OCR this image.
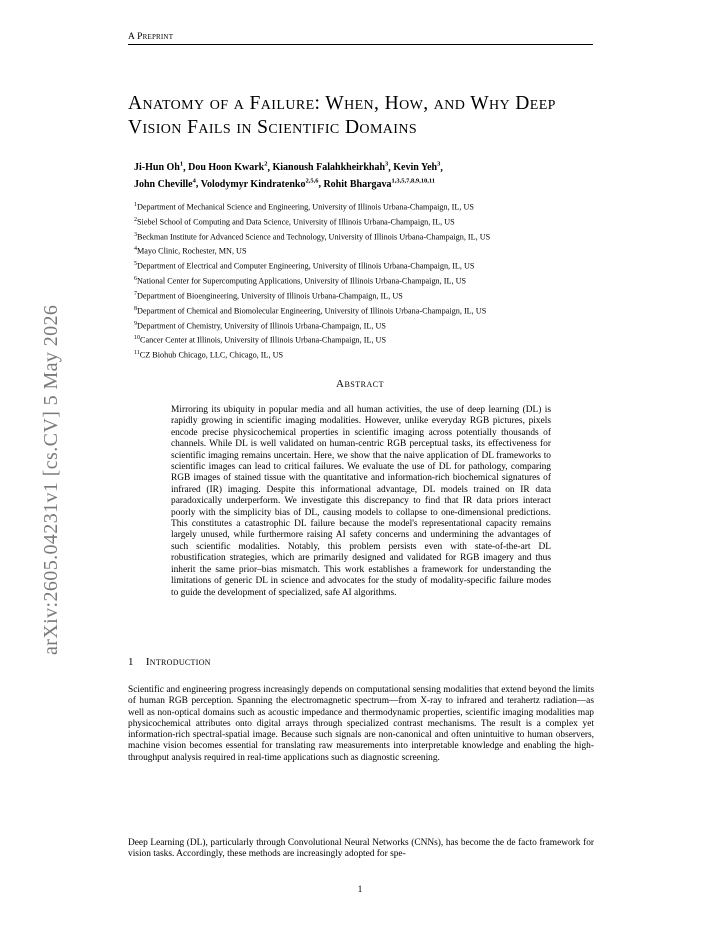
A Preprint
arXiv:2605.04231v1 [cs.CV] 5 May 2026
Anatomy of a Failure: When, How, and Why Deep Vision Fails in Scientific Domains
Ji-Hun Oh$^1$, Dou Hoon Kwark$^2$, Kianoush Falahkheirkhah$^3$, Kevin Yeh$^3$,
John Cheville$^4$, Volodymyr Kindratenko$^{2,5,6}$, Rohit Bhargava$^{1,3,5,7,8,9,10,11}$
$^1$Department of Mechanical Science and Engineering, University of Illinois Urbana-Champaign, IL, US
$^2$Siebel School of Computing and Data Science, University of Illinois Urbana-Champaign, IL, US
$^3$Beckman Institute for Advanced Science and Technology, University of Illinois Urbana-Champaign, IL, US
$^4$Mayo Clinic, Rochester, MN, US
$^5$Department of Electrical and Computer Engineering, University of Illinois Urbana-Champaign, IL, US
$^6$National Center for Supercomputing Applications, University of Illinois Urbana-Champaign, IL, US
$^7$Department of Bioengineering, University of Illinois Urbana-Champaign, IL, US
$^8$Department of Chemical and Biomolecular Engineering, University of Illinois Urbana-Champaign, IL, US
$^9$Department of Chemistry, University of Illinois Urbana-Champaign, IL, US
$^{10}$Cancer Center at Illinois, University of Illinois Urbana-Champaign, IL, US
$^{11}$CZ Biohub Chicago, LLC, Chicago, IL, US
Abstract
Mirroring its ubiquity in popular media and all human activities, the use of deep learning (DL) is rapidly growing in scientific imaging modalities. However, unlike everyday RGB pictures, pixels encode precise physicochemical properties in scientific imaging across potentially thousands of channels. While DL is well validated on human-centric RGB perceptual tasks, its effectiveness for scientific imaging remains uncertain. Here, we show that the naive application of DL frameworks to scientific images can lead to critical failures. We evaluate the use of DL for pathology, comparing RGB images of stained tissue with the quantitative and information-rich biochemical signatures of infrared (IR) imaging. Despite this informational advantage, DL models trained on IR data paradoxically underperform. We investigate this discrepancy to find that IR data priors interact poorly with the simplicity bias of DL, causing models to collapse to one-dimensional predictions. This constitutes a catastrophic DL failure because the model's representational capacity remains largely unused, while furthermore raising AI safety concerns and undermining the advantages of such scientific modalities. Notably, this problem persists even with state-of-the-art DL robustification strategies, which are primarily designed and validated for RGB imagery and thus inherit the same prior–bias mismatch. This work establishes a framework for understanding the limitations of generic DL in science and advocates for the study of modality-specific failure modes to guide the development of specialized, safe AI algorithms.
1 Introduction
Scientific and engineering progress increasingly depends on computational sensing modalities that extend beyond the limits of human RGB perception. Spanning the electromagnetic spectrum—from X-ray to infrared and terahertz radiation—as well as non-optical domains such as acoustic impedance and thermodynamic properties, scientific imaging modalities map physicochemical attributes onto digital arrays through specialized contrast mechanisms. The result is a complex yet information-rich spectral-spatial image. Because such signals are non-canonical and often unintuitive to human observers, machine vision becomes essential for translating raw measurements into interpretable knowledge and enabling the high-throughput analysis required in real-time applications such as diagnostic screening.
Deep Learning (DL), particularly through Convolutional Neural Networks (CNNs), has become the de facto framework for vision tasks. Accordingly, these methods are increasingly adopted for spe-
1
